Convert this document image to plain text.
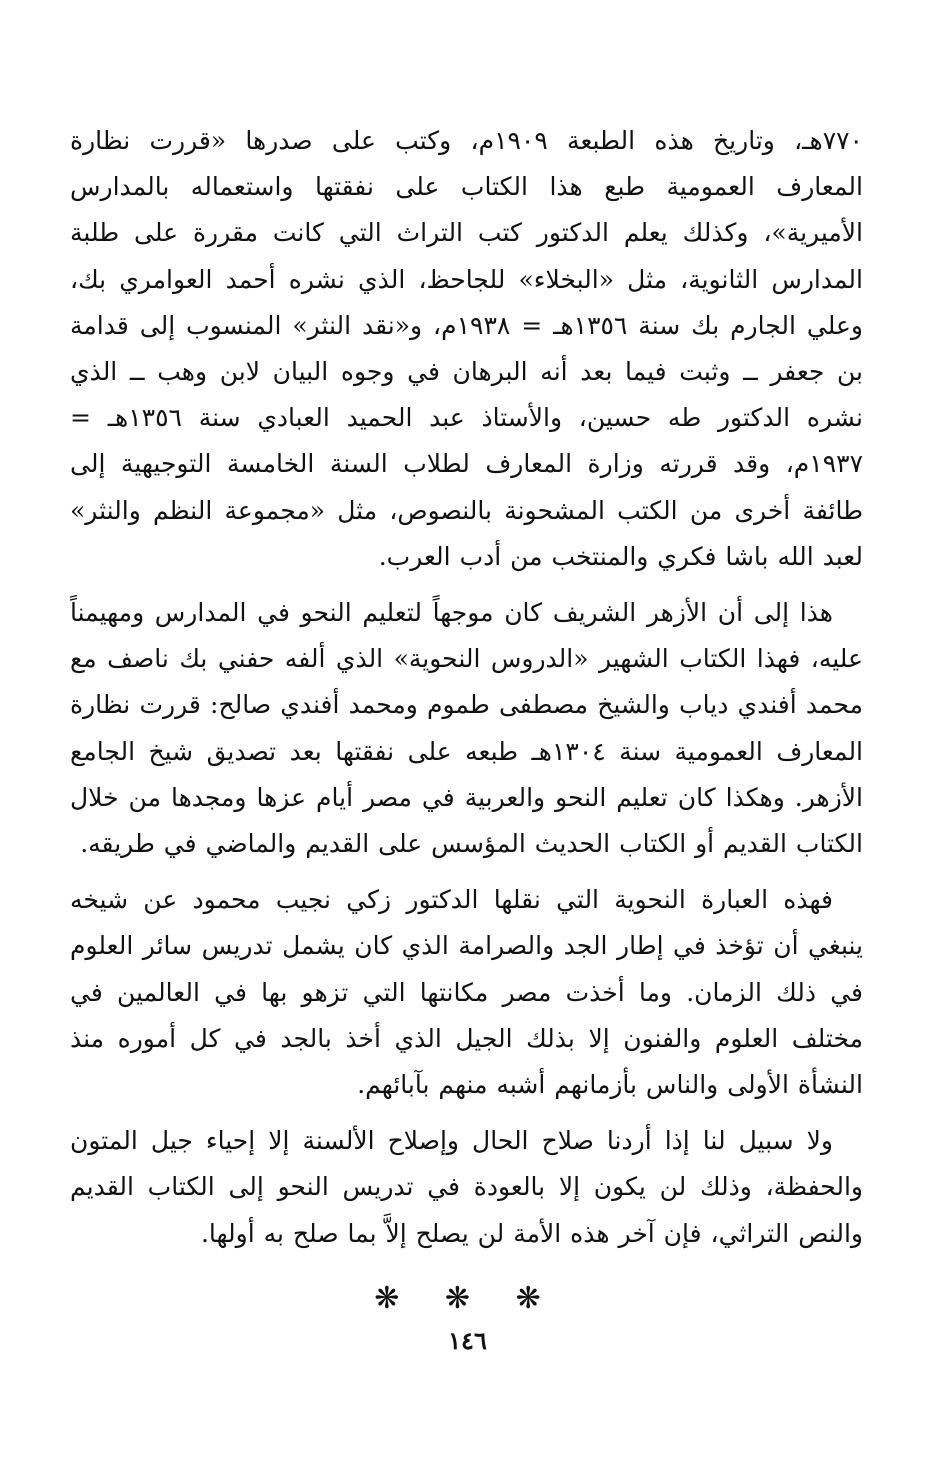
٧٧٠هـ، وتاريخ هذه الطبعة ١٩٠٩م، وكتب على صدرها «قررت نظارة المعارف العمومية طبع هذا الكتاب على نفقتها واستعماله بالمدارس الأميرية»، وكذلك يعلم الدكتور كتب التراث التي كانت مقررة على طلبة المدارس الثانوية، مثل «البخلاء» للجاحظ، الذي نشره أحمد العوامري بك، وعلي الجارم بك سنة ١٣٥٦هـ = ١٩٣٨م، و«نقد النثر» المنسوب إلى قدامة بن جعفر ــ وثبت فيما بعد أنه البرهان في وجوه البيان لابن وهب ــ الذي نشره الدكتور طه حسين، والأستاذ عبد الحميد العبادي سنة ١٣٥٦هـ = ١٩٣٧م، وقد قررته وزارة المعارف لطلاب السنة الخامسة التوجيهية إلى طائفة أخرى من الكتب المشحونة بالنصوص، مثل «مجموعة النظم والنثر» لعبد الله باشا فكري والمنتخب من أدب العرب.

هذا إلى أن الأزهر الشريف كان موجهاً لتعليم النحو في المدارس ومهيمناً عليه، فهذا الكتاب الشهير «الدروس النحوية» الذي ألفه حفني بك ناصف مع محمد أفندي دياب والشيخ مصطفى طموم ومحمد أفندي صالح: قررت نظارة المعارف العمومية سنة ١٣٠٤هـ طبعه على نفقتها بعد تصديق شيخ الجامع الأزهر. وهكذا كان تعليم النحو والعربية في مصر أيام عزها ومجدها من خلال الكتاب القديم أو الكتاب الحديث المؤسس على القديم والماضي في طريقه.

فهذه العبارة النحوية التي نقلها الدكتور زكي نجيب محمود عن شيخه ينبغي أن تؤخذ في إطار الجد والصرامة الذي كان يشمل تدريس سائر العلوم في ذلك الزمان. وما أخذت مصر مكانتها التي تزهو بها في العالمين في مختلف العلوم والفنون إلا بذلك الجيل الذي أخذ بالجد في كل أموره منذ النشأة الأولى والناس بأزمانهم أشبه منهم بآبائهم.

ولا سبيل لنا إذا أردنا صلاح الحال وإصلاح الألسنة إلا إحياء جيل المتون والحفظة، وذلك لن يكون إلا بالعودة في تدريس النحو إلى الكتاب القديم والنص التراثي، فإن آخر هذه الأمة لن يصلح إلاَّ بما صلح به أولها.

❋ ❋ ❋
١٤٦
